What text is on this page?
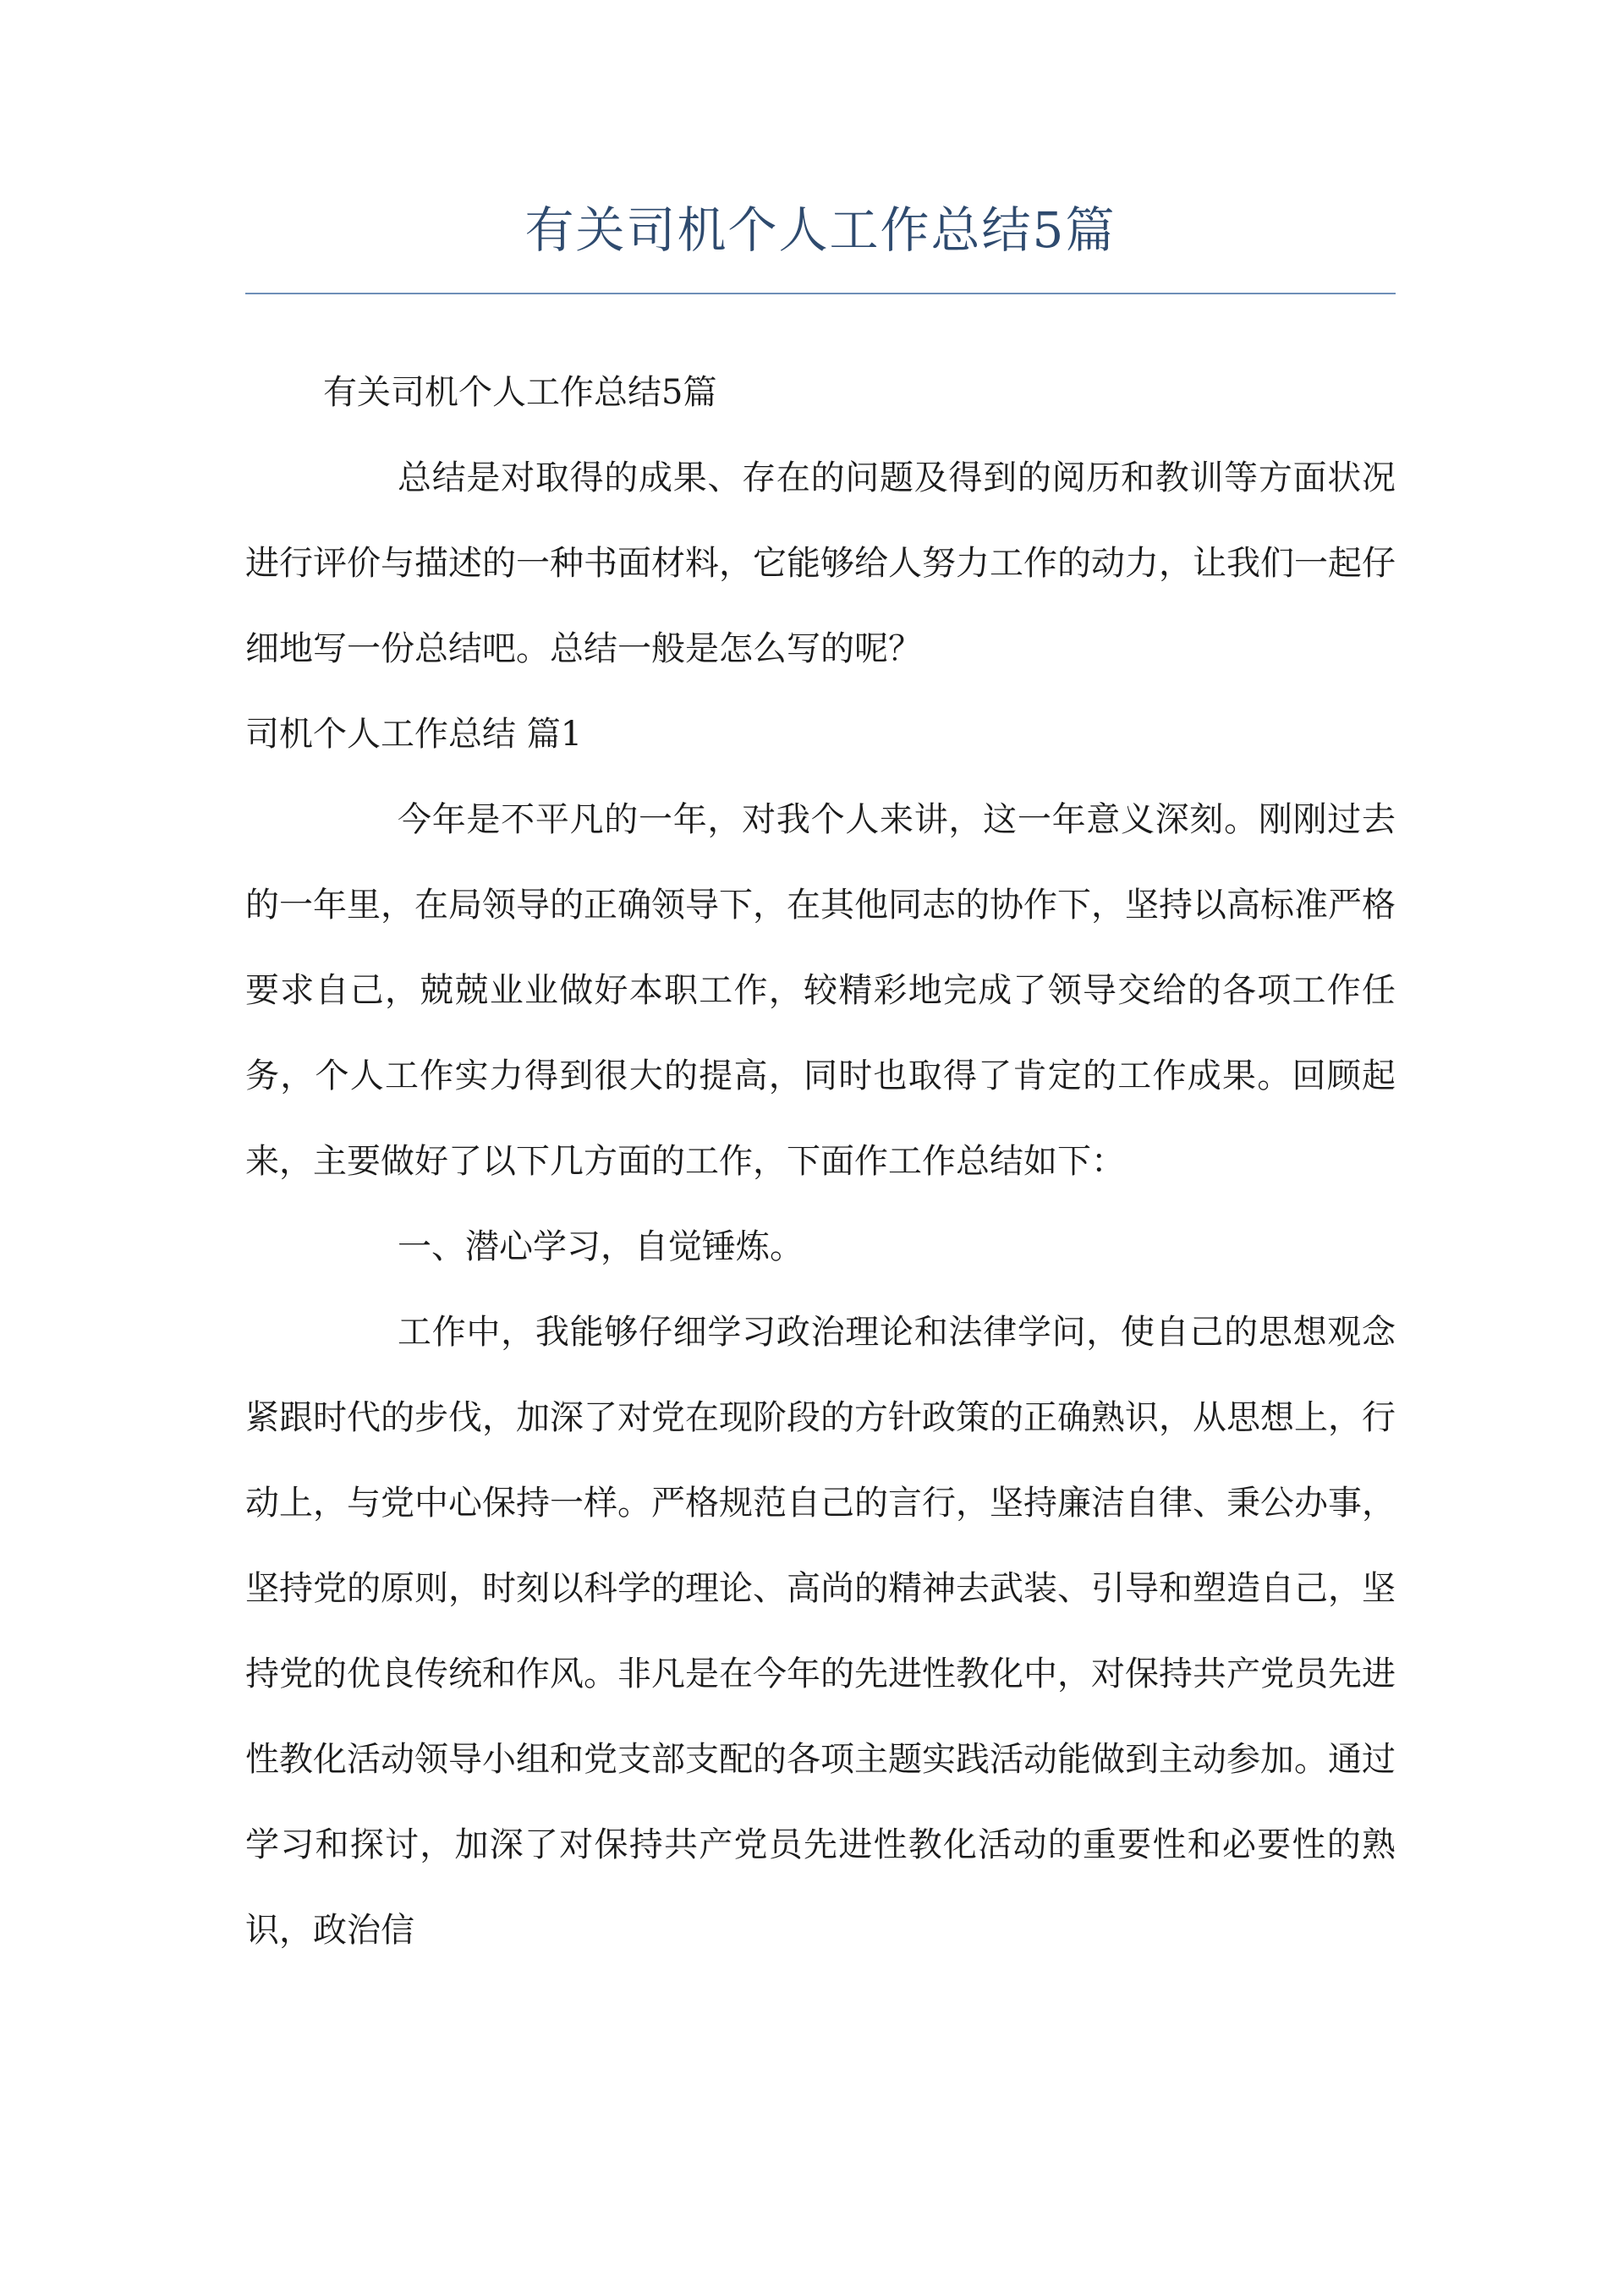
有关司机个人工作总结5篇

有关司机个人工作总结5篇

总结是对取得的成果、存在的问题及得到的阅历和教训等方面状况进行评价与描述的一种书面材料，它能够给人努力工作的动力，让我们一起仔细地写一份总结吧。总结一般是怎么写的呢？

司机个人工作总结 篇1

今年是不平凡的一年，对我个人来讲，这一年意义深刻。刚刚过去的一年里，在局领导的正确领导下，在其他同志的协作下，坚持以高标准严格要求自己，兢兢业业做好本职工作，较精彩地完成了领导交给的各项工作任务，个人工作实力得到很大的提高，同时也取得了肯定的工作成果。回顾起来，主要做好了以下几方面的工作，下面作工作总结如下：

一、潜心学习，自觉锤炼。

工作中，我能够仔细学习政治理论和法律学问，使自己的思想观念紧跟时代的步伐，加深了对党在现阶段的方针政策的正确熟识，从思想上，行动上，与党中心保持一样。严格规范自己的言行，坚持廉洁自律、秉公办事，坚持党的原则，时刻以科学的理论、高尚的精神去武装、引导和塑造自己，坚持党的优良传统和作风。非凡是在今年的先进性教化中，对保持共产党员先进性教化活动领导小组和党支部支配的各项主题实践活动能做到主动参加。通过学习和探讨，加深了对保持共产党员先进性教化活动的重要性和必要性的熟识，政治信
